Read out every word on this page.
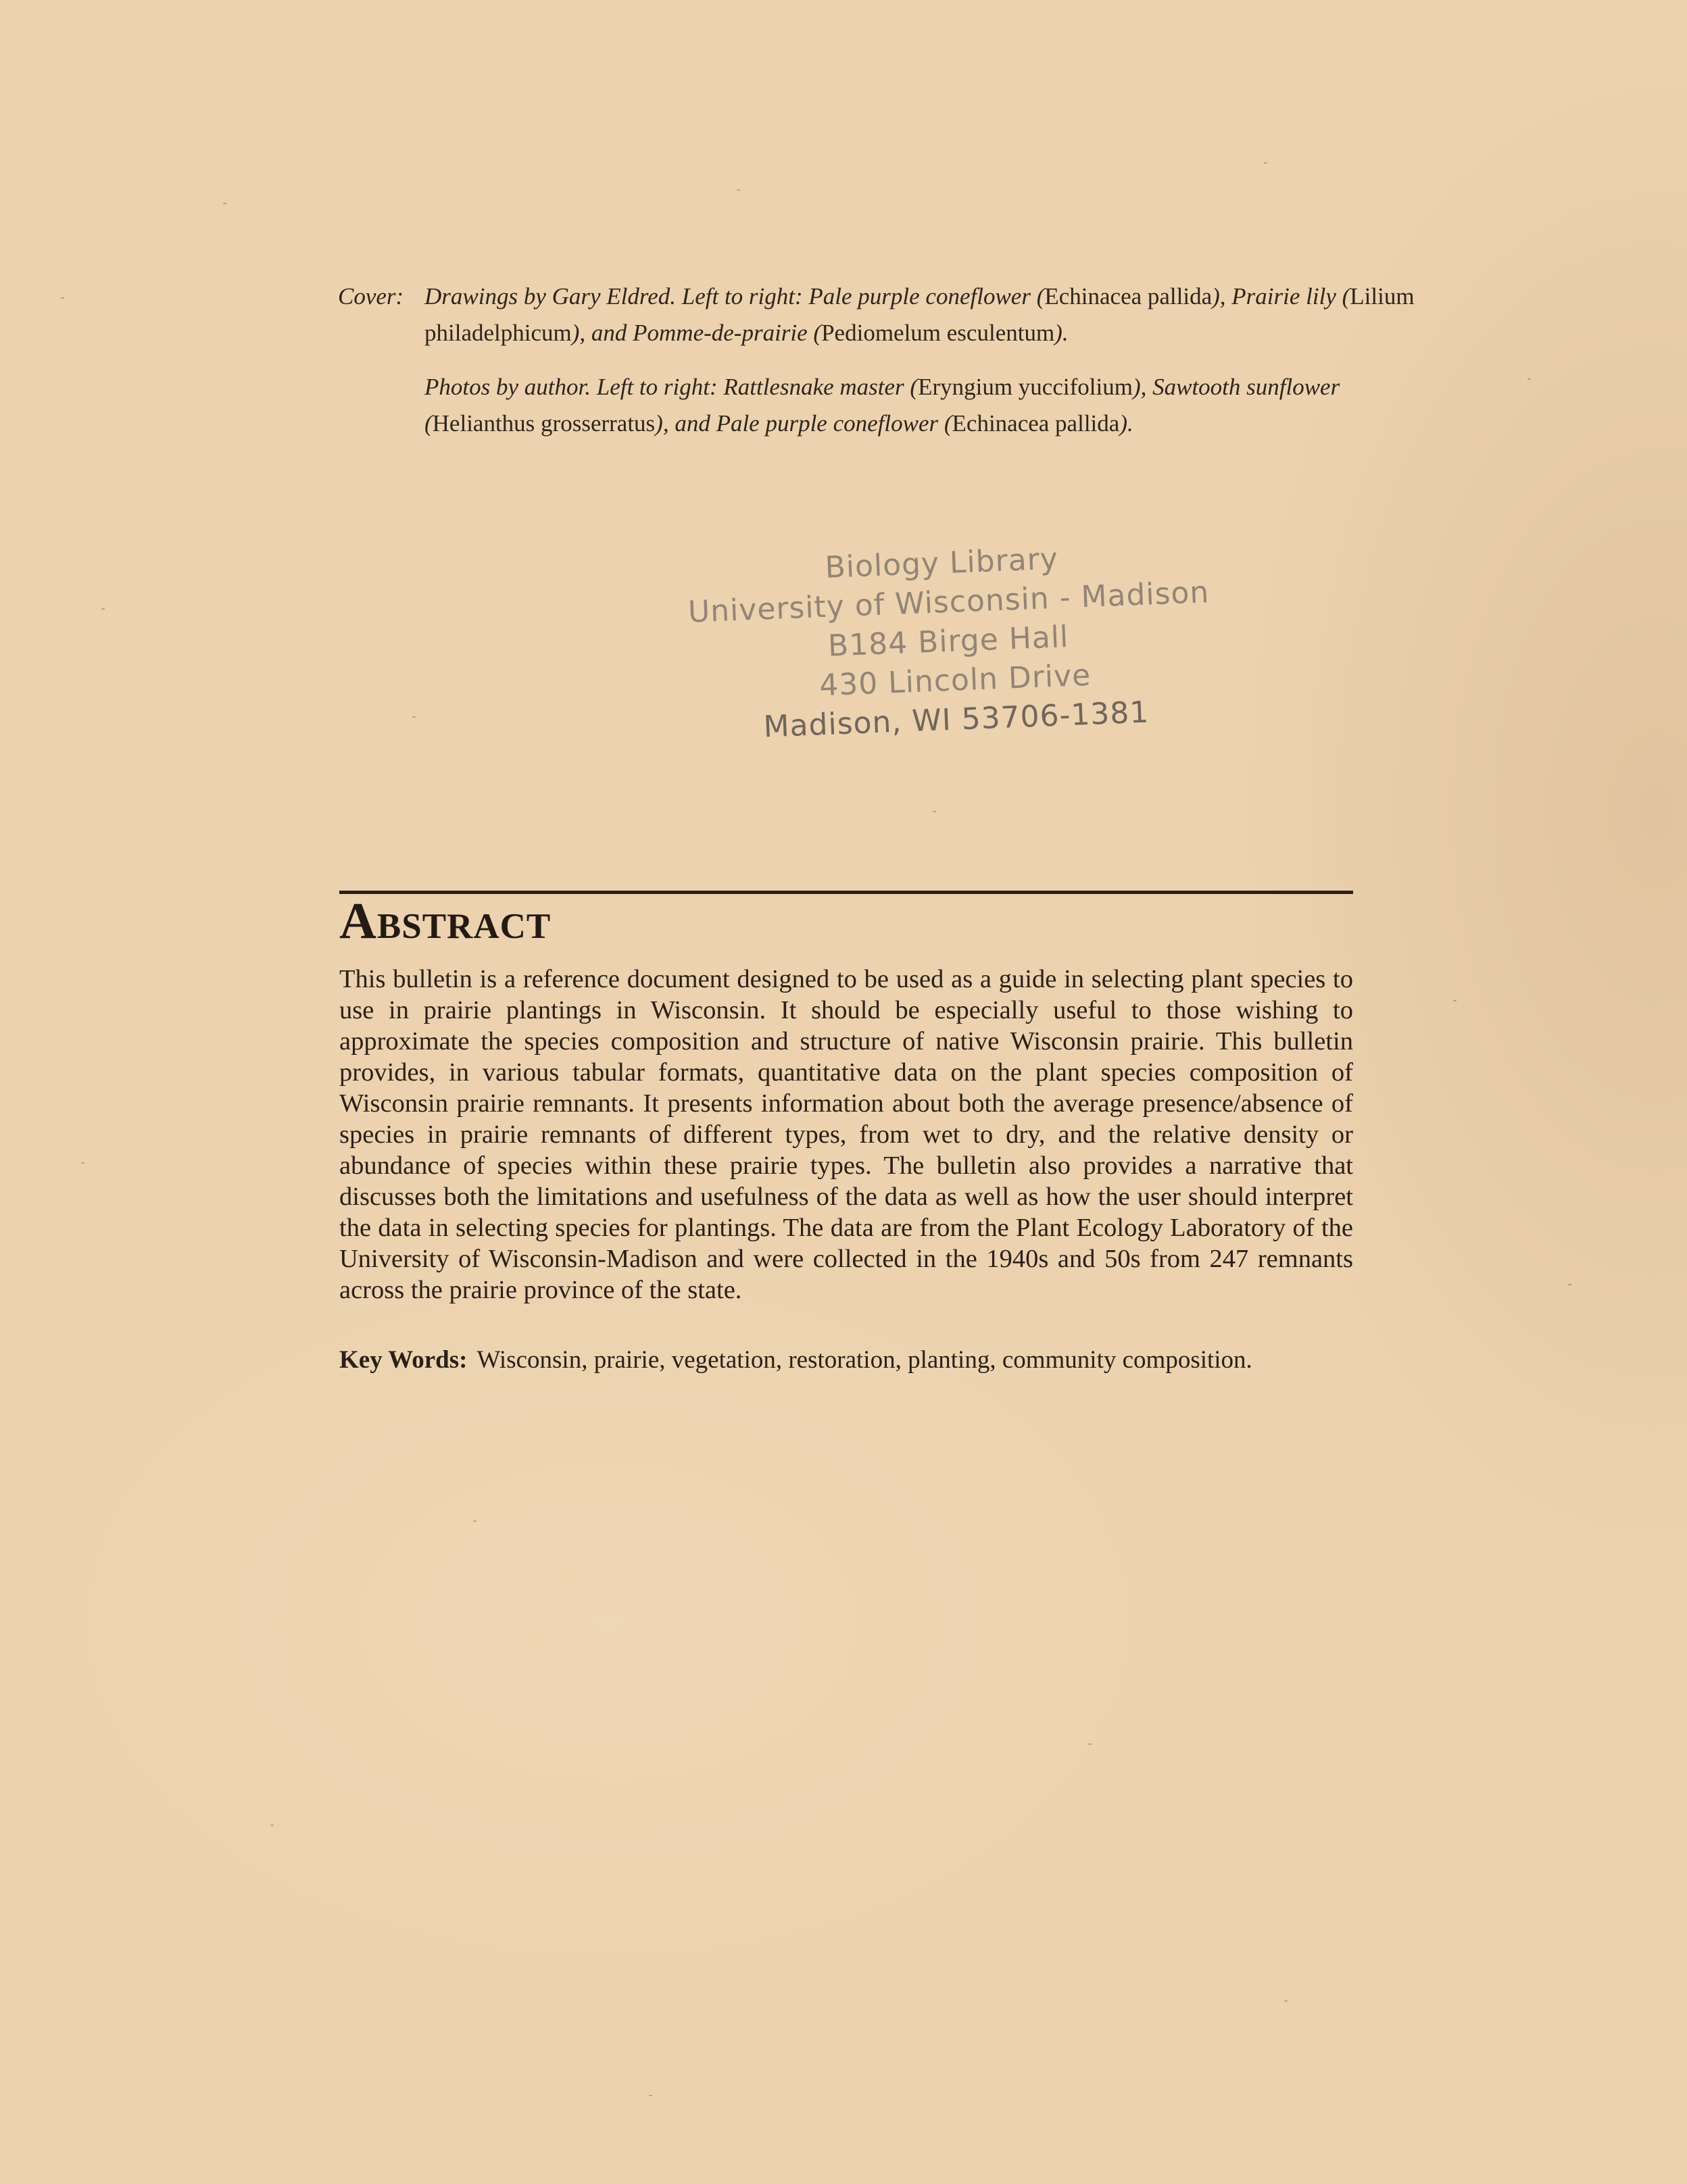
Cover: Drawings by Gary Eldred. Left to right: Pale purple coneflower (Echinacea pallida), Prairie lily (Lilium philadelphicum), and Pomme-de-prairie (Pediomelum esculentum).
Photos by author. Left to right: Rattlesnake master (Eryngium yuccifolium), Sawtooth sunflower (Helianthus grosserratus), and Pale purple coneflower (Echinacea pallida).
Biology Library
University of Wisconsin - Madison
B184 Birge Hall
430 Lincoln Drive
Madison, WI 53706-1381
Abstract

This bulletin is a reference document designed to be used as a guide in selecting plant species to use in prairie plantings in Wisconsin. It should be especially useful to those wishing to approximate the species composition and structure of native Wisconsin prairie. This bulletin provides, in various tabular formats, quantitative data on the plant species composition of Wisconsin prairie remnants. It presents information about both the average presence/absence of species in prairie remnants of different types, from wet to dry, and the relative density or abundance of species within these prairie types. The bulletin also provides a narrative that discusses both the limitations and usefulness of the data as well as how the user should interpret the data in selecting species for plantings. The data are from the Plant Ecology Laboratory of the University of Wisconsin-Madison and were collected in the 1940s and 50s from 247 remnants across the prairie province of the state.

Key Words: Wisconsin, prairie, vegetation, restoration, planting, community composition.
